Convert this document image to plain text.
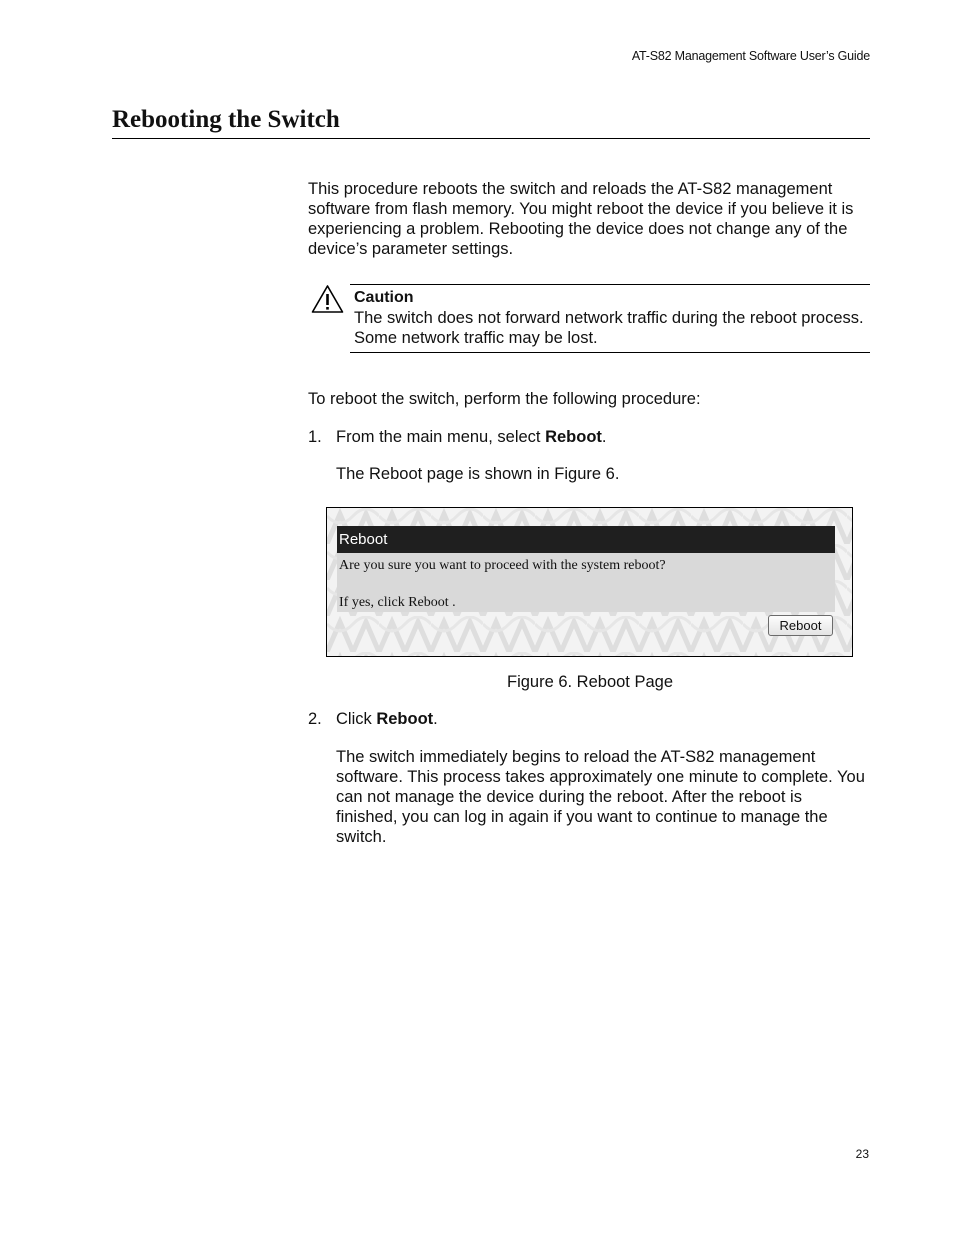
AT-S82 Management Software User’s Guide
Rebooting the Switch
This procedure reboots the switch and reloads the AT-S82 management software from flash memory. You might reboot the device if you believe it is experiencing a problem. Rebooting the device does not change any of the device’s parameter settings.
Caution
The switch does not forward network traffic during the reboot process. Some network traffic may be lost.
To reboot the switch, perform the following procedure:
1. From the main menu, select Reboot.
The Reboot page is shown in Figure 6.
Reboot
Are you sure you want to proceed with the system reboot?
If yes, click Reboot .
Reboot
Figure 6. Reboot Page
2. Click Reboot.
The switch immediately begins to reload the AT-S82 management software. This process takes approximately one minute to complete. You can not manage the device during the reboot. After the reboot is finished, you can log in again if you want to continue to manage the switch.
23
